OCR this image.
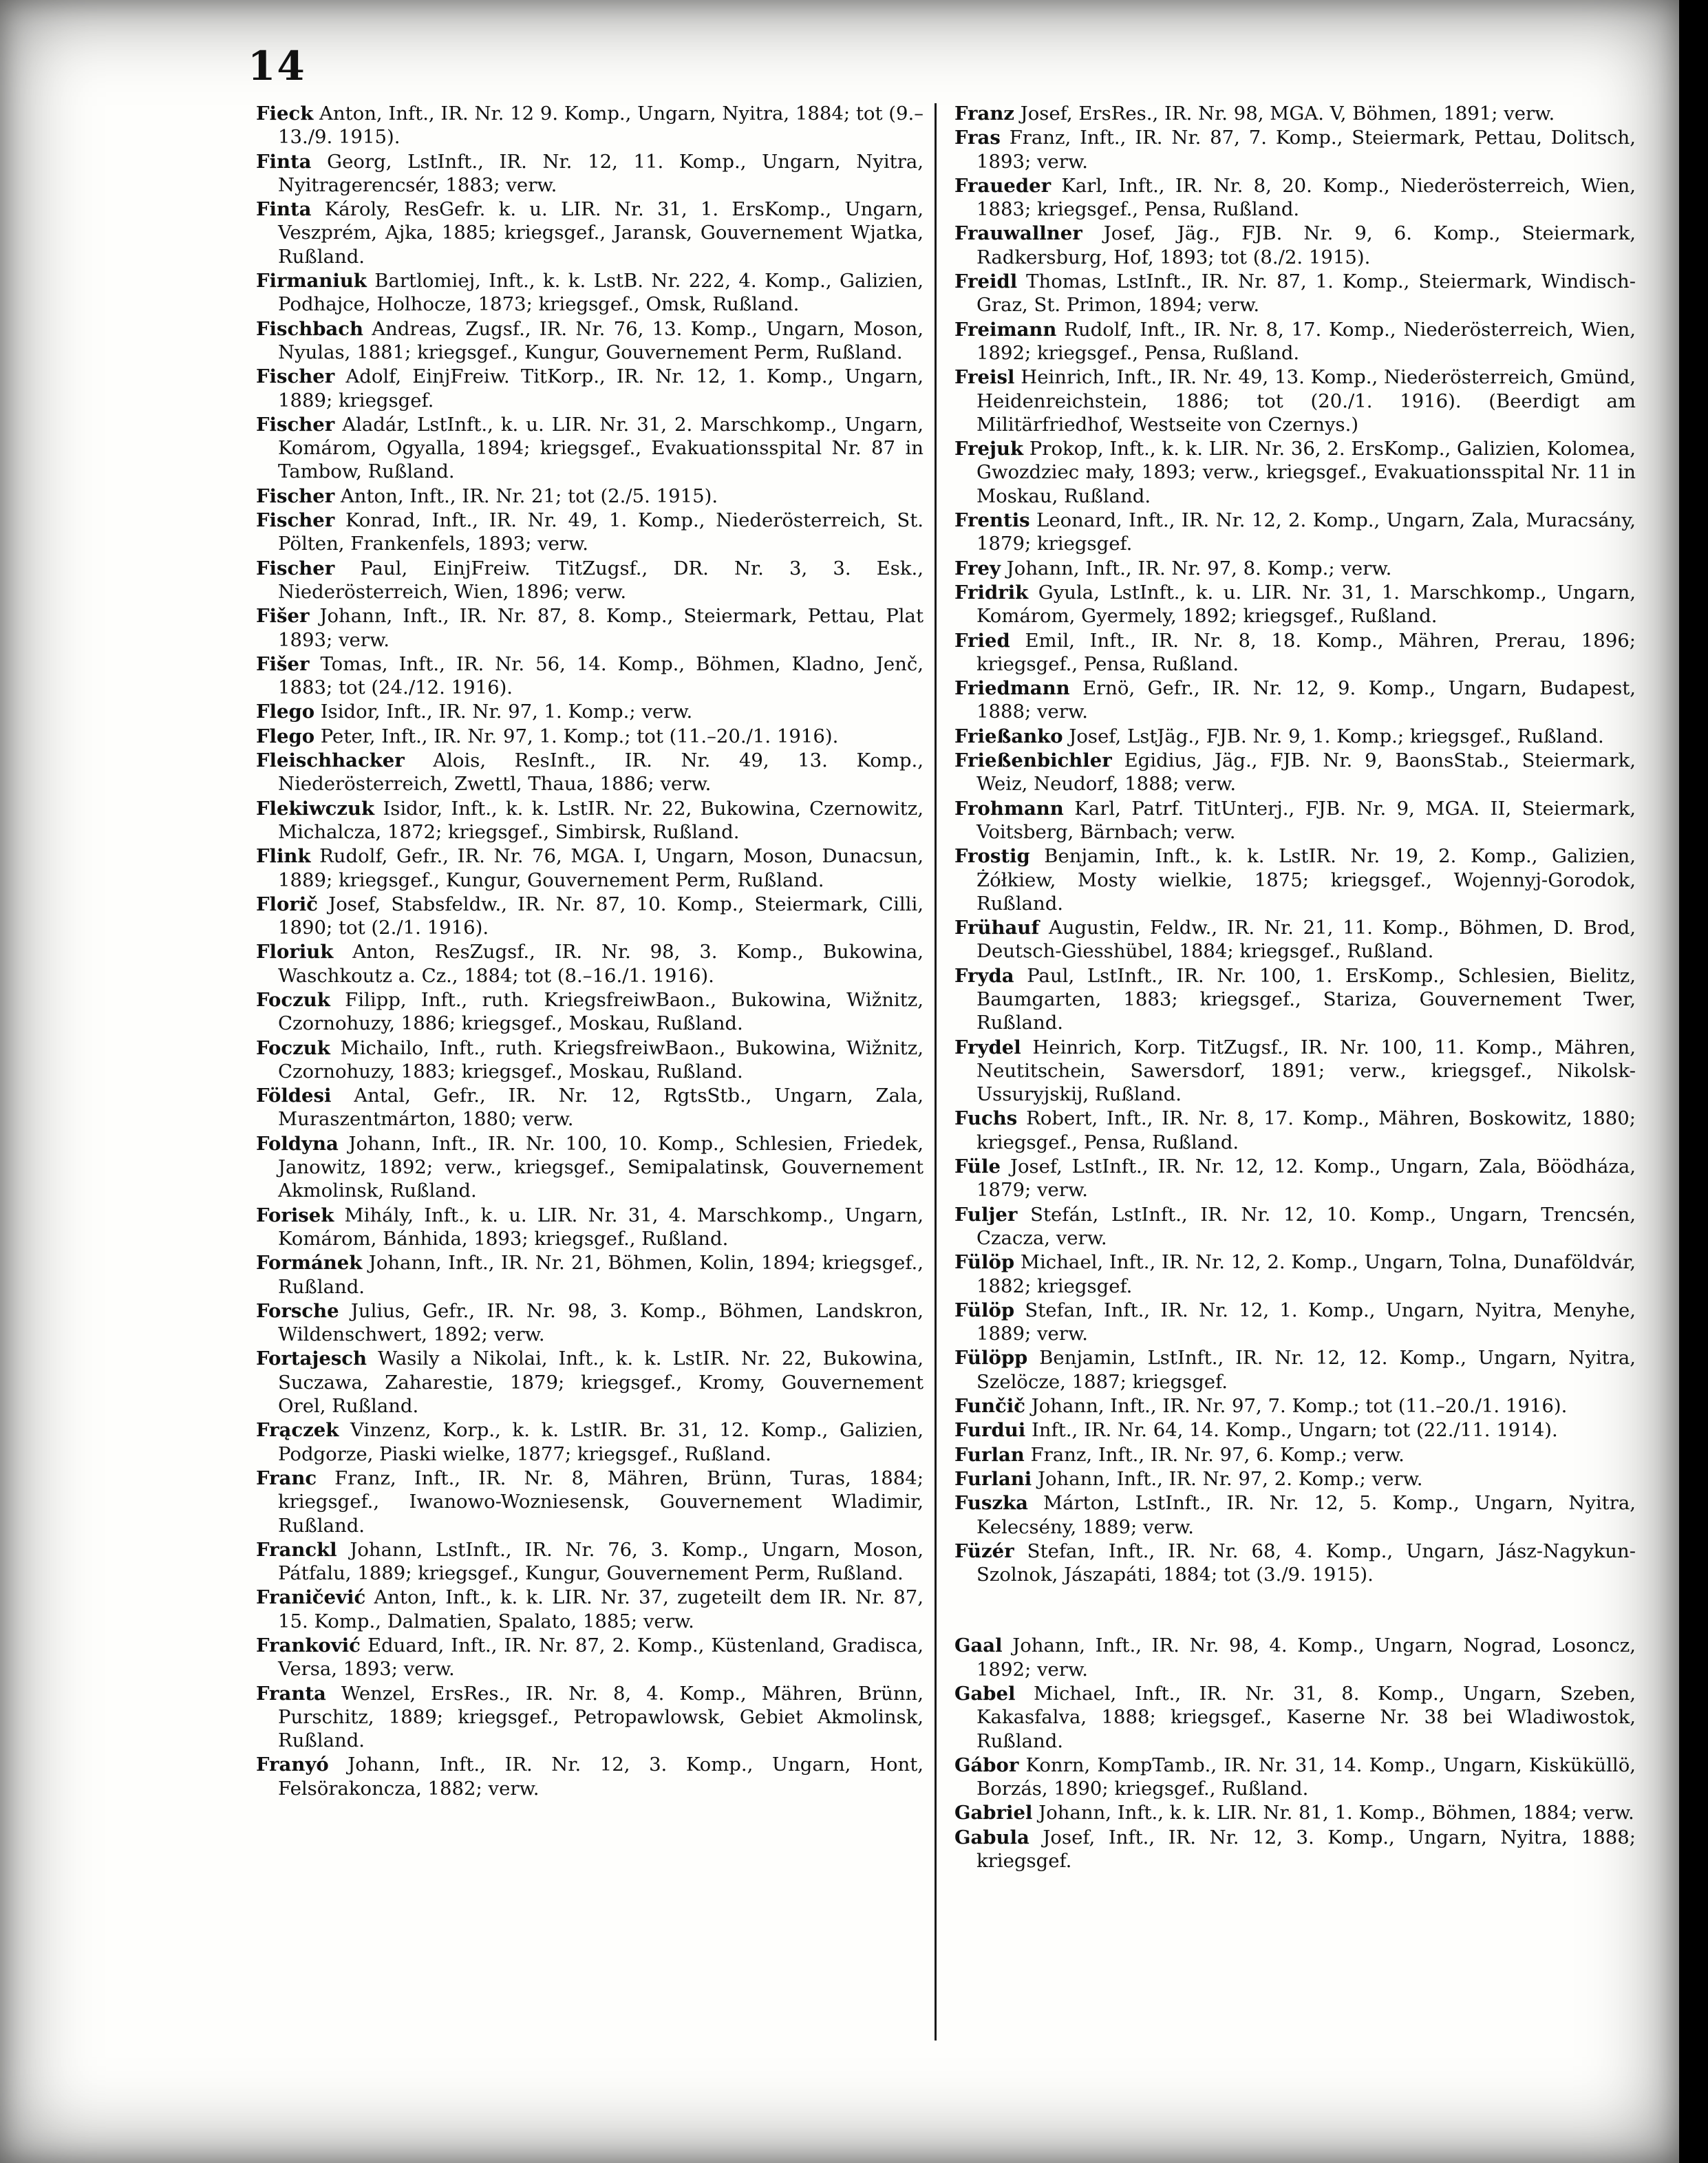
14

Fieck Anton, Inft., IR. Nr. 12 9. Komp., Ungarn, Nyitra, 1884; tot (9.–13./9. 1915).

Finta Georg, LstInft., IR. Nr. 12, 11. Komp., Ungarn, Nyitra, Nyitragerencsér, 1883; verw.

Finta Károly, ResGefr. k. u. LIR. Nr. 31, 1. ErsKomp., Ungarn, Veszprém, Ajka, 1885; kriegsgef., Jaransk, Gouvernement Wjatka, Rußland.

Firmaniuk Bartlomiej, Inft., k. k. LstB. Nr. 222, 4. Komp., Galizien, Podhajce, Holhocze, 1873; kriegsgef., Omsk, Rußland.

Fischbach Andreas, Zugsf., IR. Nr. 76, 13. Komp., Ungarn, Moson, Nyulas, 1881; kriegsgef., Kungur, Gouvernement Perm, Rußland.

Fischer Adolf, EinjFreiw. TitKorp., IR. Nr. 12, 1. Komp., Ungarn, 1889; kriegsgef.

Fischer Aladár, LstInft., k. u. LIR. Nr. 31, 2. Marschkomp., Ungarn, Komárom, Ogyalla, 1894; kriegsgef., Evakuationsspital Nr. 87 in Tambow, Rußland.

Fischer Anton, Inft., IR. Nr. 21; tot (2./5. 1915).

Fischer Konrad, Inft., IR. Nr. 49, 1. Komp., Niederösterreich, St. Pölten, Frankenfels, 1893; verw.

Fischer Paul, EinjFreiw. TitZugsf., DR. Nr. 3, 3. Esk., Niederösterreich, Wien, 1896; verw.

Fišer Johann, Inft., IR. Nr. 87, 8. Komp., Steiermark, Pettau, Plat 1893; verw.

Fišer Tomas, Inft., IR. Nr. 56, 14. Komp., Böhmen, Kladno, Jenč, 1883; tot (24./12. 1916).

Flego Isidor, Inft., IR. Nr. 97, 1. Komp.; verw.

Flego Peter, Inft., IR. Nr. 97, 1. Komp.; tot (11.–20./1. 1916).

Fleischhacker Alois, ResInft., IR. Nr. 49, 13. Komp., Niederösterreich, Zwettl, Thaua, 1886; verw.

Flekiwczuk Isidor, Inft., k. k. LstIR. Nr. 22, Bukowina, Czernowitz, Michalcza, 1872; kriegsgef., Simbirsk, Rußland.

Flink Rudolf, Gefr., IR. Nr. 76, MGA. I, Ungarn, Moson, Dunacsun, 1889; kriegsgef., Kungur, Gouvernement Perm, Rußland.

Florič Josef, Stabsfeldw., IR. Nr. 87, 10. Komp., Steiermark, Cilli, 1890; tot (2./1. 1916).

Floriuk Anton, ResZugsf., IR. Nr. 98, 3. Komp., Bukowina, Waschkoutz a. Cz., 1884; tot (8.–16./1. 1916).

Foczuk Filipp, Inft., ruth. KriegsfreiwBaon., Bukowina, Wižnitz, Czornohuzy, 1886; kriegsgef., Moskau, Rußland.

Foczuk Michailo, Inft., ruth. KriegsfreiwBaon., Bukowina, Wižnitz, Czornohuzy, 1883; kriegsgef., Moskau, Rußland.

Földesi Antal, Gefr., IR. Nr. 12, RgtsStb., Ungarn, Zala, Muraszentmárton, 1880; verw.

Foldyna Johann, Inft., IR. Nr. 100, 10. Komp., Schlesien, Friedek, Janowitz, 1892; verw., kriegsgef., Semipalatinsk, Gouvernement Akmolinsk, Rußland.

Forisek Mihály, Inft., k. u. LIR. Nr. 31, 4. Marschkomp., Ungarn, Komárom, Bánhida, 1893; kriegsgef., Rußland.

Formánek Johann, Inft., IR. Nr. 21, Böhmen, Kolin, 1894; kriegsgef., Rußland.

Forsche Julius, Gefr., IR. Nr. 98, 3. Komp., Böhmen, Landskron, Wildenschwert, 1892; verw.

Fortajesch Wasily a Nikolai, Inft., k. k. LstIR. Nr. 22, Bukowina, Suczawa, Zaharestie, 1879; kriegsgef., Kromy, Gouvernement Orel, Rußland.

Frączek Vinzenz, Korp., k. k. LstIR. Br. 31, 12. Komp., Galizien, Podgorze, Piaski wielke, 1877; kriegsgef., Rußland.

Franc Franz, Inft., IR. Nr. 8, Mähren, Brünn, Turas, 1884; kriegsgef., Iwanowo-Wozniesensk, Gouvernement Wladimir, Rußland.

Franckl Johann, LstInft., IR. Nr. 76, 3. Komp., Ungarn, Moson, Pátfalu, 1889; kriegsgef., Kungur, Gouvernement Perm, Rußland.

Franičević Anton, Inft., k. k. LIR. Nr. 37, zugeteilt dem IR. Nr. 87, 15. Komp., Dalmatien, Spalato, 1885; verw.

Franković Eduard, Inft., IR. Nr. 87, 2. Komp., Küstenland, Gradisca, Versa, 1893; verw.

Franta Wenzel, ErsRes., IR. Nr. 8, 4. Komp., Mähren, Brünn, Purschitz, 1889; kriegsgef., Petropawlowsk, Gebiet Akmolinsk, Rußland.

Franyó Johann, Inft., IR. Nr. 12, 3. Komp., Ungarn, Hont, Felsörakoncza, 1882; verw.

Franz Josef, ErsRes., IR. Nr. 98, MGA. V, Böhmen, 1891; verw.

Fras Franz, Inft., IR. Nr. 87, 7. Komp., Steiermark, Pettau, Dolitsch, 1893; verw.

Fraueder Karl, Inft., IR. Nr. 8, 20. Komp., Niederösterreich, Wien, 1883; kriegsgef., Pensa, Rußland.

Frauwallner Josef, Jäg., FJB. Nr. 9, 6. Komp., Steiermark, Radkersburg, Hof, 1893; tot (8./2. 1915).

Freidl Thomas, LstInft., IR. Nr. 87, 1. Komp., Steiermark, Windisch-Graz, St. Primon, 1894; verw.

Freimann Rudolf, Inft., IR. Nr. 8, 17. Komp., Niederösterreich, Wien, 1892; kriegsgef., Pensa, Rußland.

Freisl Heinrich, Inft., IR. Nr. 49, 13. Komp., Niederösterreich, Gmünd, Heidenreichstein, 1886; tot (20./1. 1916). (Beerdigt am Militärfriedhof, Westseite von Czernys.)

Frejuk Prokop, Inft., k. k. LIR. Nr. 36, 2. ErsKomp., Galizien, Kolomea, Gwozdziec mały, 1893; verw., kriegsgef., Evakuationsspital Nr. 11 in Moskau, Rußland.

Frentis Leonard, Inft., IR. Nr. 12, 2. Komp., Ungarn, Zala, Muracsány, 1879; kriegsgef.

Frey Johann, Inft., IR. Nr. 97, 8. Komp.; verw.

Fridrik Gyula, LstInft., k. u. LIR. Nr. 31, 1. Marschkomp., Ungarn, Komárom, Gyermely, 1892; kriegsgef., Rußland.

Fried Emil, Inft., IR. Nr. 8, 18. Komp., Mähren, Prerau, 1896; kriegsgef., Pensa, Rußland.

Friedmann Ernö, Gefr., IR. Nr. 12, 9. Komp., Ungarn, Budapest, 1888; verw.

Frießanko Josef, LstJäg., FJB. Nr. 9, 1. Komp.; kriegsgef., Rußland.

Frießenbichler Egidius, Jäg., FJB. Nr. 9, BaonsStab., Steiermark, Weiz, Neudorf, 1888; verw.

Frohmann Karl, Patrf. TitUnterj., FJB. Nr. 9, MGA. II, Steiermark, Voitsberg, Bärnbach; verw.

Frostig Benjamin, Inft., k. k. LstIR. Nr. 19, 2. Komp., Galizien, Żółkiew, Mosty wielkie, 1875; kriegsgef., Wojennyj-Gorodok, Rußland.

Frühauf Augustin, Feldw., IR. Nr. 21, 11. Komp., Böhmen, D. Brod, Deutsch-Giesshübel, 1884; kriegsgef., Rußland.

Fryda Paul, LstInft., IR. Nr. 100, 1. ErsKomp., Schlesien, Bielitz, Baumgarten, 1883; kriegsgef., Stariza, Gouvernement Twer, Rußland.

Frydel Heinrich, Korp. TitZugsf., IR. Nr. 100, 11. Komp., Mähren, Neutitschein, Sawersdorf, 1891; verw., kriegsgef., Nikolsk-Ussuryjskij, Rußland.

Fuchs Robert, Inft., IR. Nr. 8, 17. Komp., Mähren, Boskowitz, 1880; kriegsgef., Pensa, Rußland.

Füle Josef, LstInft., IR. Nr. 12, 12. Komp., Ungarn, Zala, Böödháza, 1879; verw.

Fuljer Stefán, LstInft., IR. Nr. 12, 10. Komp., Ungarn, Trencsén, Czacza, verw.

Fülöp Michael, Inft., IR. Nr. 12, 2. Komp., Ungarn, Tolna, Dunaföldvár, 1882; kriegsgef.

Fülöp Stefan, Inft., IR. Nr. 12, 1. Komp., Ungarn, Nyitra, Menyhe, 1889; verw.

Fülöpp Benjamin, LstInft., IR. Nr. 12, 12. Komp., Ungarn, Nyitra, Szelöcze, 1887; kriegsgef.

Funčič Johann, Inft., IR. Nr. 97, 7. Komp.; tot (11.–20./1. 1916).

Furdui Inft., IR. Nr. 64, 14. Komp., Ungarn; tot (22./11. 1914).

Furlan Franz, Inft., IR. Nr. 97, 6. Komp.; verw.

Furlani Johann, Inft., IR. Nr. 97, 2. Komp.; verw.

Fuszka Márton, LstInft., IR. Nr. 12, 5. Komp., Ungarn, Nyitra, Kelecsény, 1889; verw.

Füzér Stefan, Inft., IR. Nr. 68, 4. Komp., Ungarn, Jász-Nagykun-Szolnok, Jászapáti, 1884; tot (3./9. 1915).

Gaal Johann, Inft., IR. Nr. 98, 4. Komp., Ungarn, Nograd, Losoncz, 1892; verw.

Gabel Michael, Inft., IR. Nr. 31, 8. Komp., Ungarn, Szeben, Kakasfalva, 1888; kriegsgef., Kaserne Nr. 38 bei Wladiwostok, Rußland.

Gábor Konrn, KompTamb., IR. Nr. 31, 14. Komp., Ungarn, Kisküküllö, Borzás, 1890; kriegsgef., Rußland.

Gabriel Johann, Inft., k. k. LIR. Nr. 81, 1. Komp., Böhmen, 1884; verw.

Gabula Josef, Inft., IR. Nr. 12, 3. Komp., Ungarn, Nyitra, 1888; kriegsgef.
